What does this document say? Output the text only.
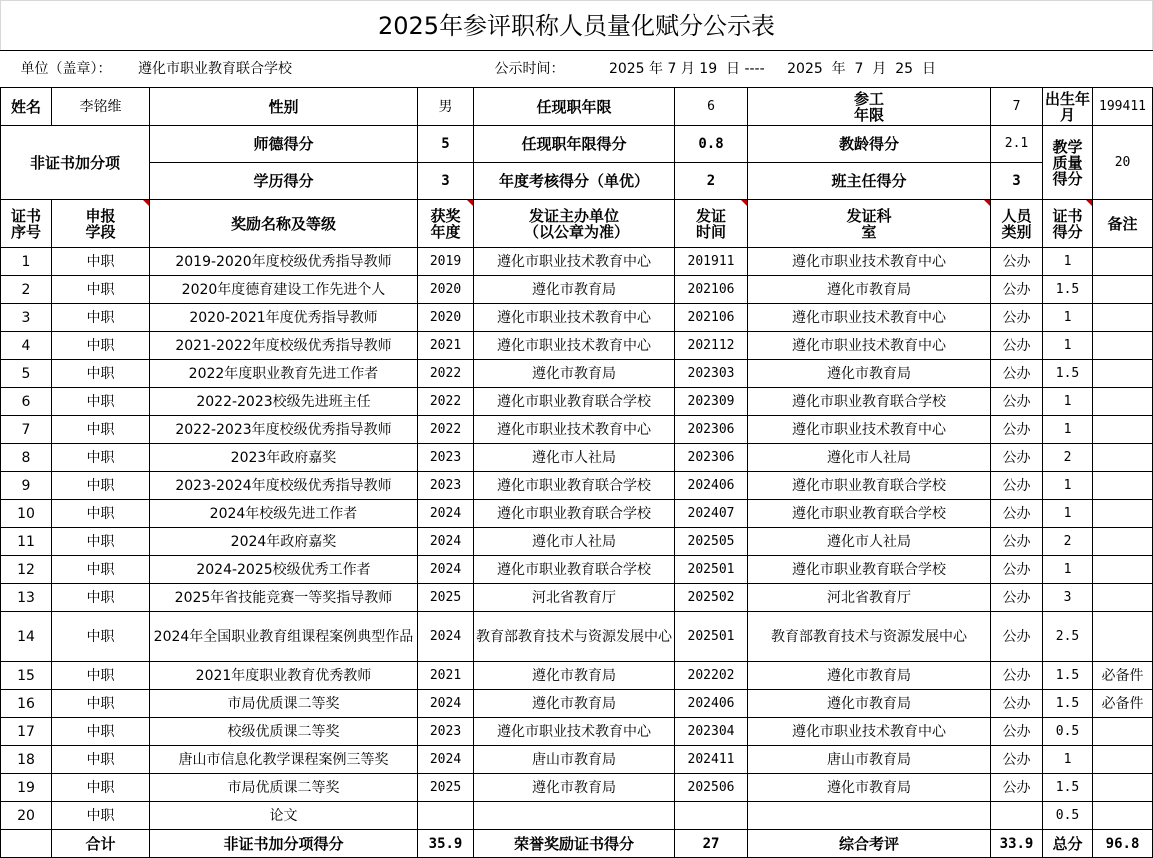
2025年参评职称人员量化赋分公示表									
单位（盖章）： 遵化市职业教育联合学校					公示时间： 2025 年 7 月 19  日 ---- 2025  年  7  月  25  日				
姓名	李铭维	性别	男	任现职年限	6	参工年限	7	出生年月	199411
非证书加分项		师德得分	5	任现职年限得分	0.8	教龄得分	2.1	教学质量得分	20
		学历得分	3	年度考核得分（单优）	2	班主任得分	3		
证书序号	申报学段	奖励名称及等级	获奖年度	发证主办单位（以公章为准）	发证时间	发证科室	人员类别	证书得分	备注
1	中职	2019-2020年度校级优秀指导教师	2019	遵化市职业技术教育中心	201911	遵化市职业技术教育中心	公办	1	
2	中职	2020年度德育建设工作先进个人	2020	遵化市教育局	202106	遵化市教育局	公办	1.5	
3	中职	2020-2021年度优秀指导教师	2020	遵化市职业技术教育中心	202106	遵化市职业技术教育中心	公办	1	
4	中职	2021-2022年度校级优秀指导教师	2021	遵化市职业技术教育中心	202112	遵化市职业技术教育中心	公办	1	
5	中职	2022年度职业教育先进工作者	2022	遵化市教育局	202303	遵化市教育局	公办	1.5	
6	中职	2022-2023校级先进班主任	2022	遵化市职业教育联合学校	202309	遵化市职业教育联合学校	公办	1	
7	中职	2022-2023年度校级优秀指导教师	2022	遵化市职业技术教育中心	202306	遵化市职业技术教育中心	公办	1	
8	中职	2023年政府嘉奖	2023	遵化市人社局	202306	遵化市人社局	公办	2	
9	中职	2023-2024年度校级优秀指导教师	2023	遵化市职业教育联合学校	202406	遵化市职业教育联合学校	公办	1	
10	中职	2024年校级先进工作者	2024	遵化市职业教育联合学校	202407	遵化市职业教育联合学校	公办	1	
11	中职	2024年政府嘉奖	2024	遵化市人社局	202505	遵化市人社局	公办	2	
12	中职	2024-2025校级优秀工作者	2024	遵化市职业教育联合学校	202501	遵化市职业教育联合学校	公办	1	
13	中职	2025年省技能竞赛一等奖指导教师	2025	河北省教育厅	202502	河北省教育厅	公办	3	
14	中职	2024年全国职业教育组课程案例典型作品	2024	教育部教育技术与资源发展中心	202501	教育部教育技术与资源发展中心	公办	2.5	
15	中职	2021年度职业教育优秀教师	2021	遵化市教育局	202202	遵化市教育局	公办	1.5	必备件
16	中职	市局优质课二等奖	2024	遵化市教育局	202406	遵化市教育局	公办	1.5	必备件
17	中职	校级优质课二等奖	2023	遵化市职业技术教育中心	202304	遵化市职业技术教育中心	公办	0.5	
18	中职	唐山市信息化教学课程案例三等奖	2024	唐山市教育局	202411	唐山市教育局	公办	1	
19	中职	市局优质课二等奖	2025	遵化市教育局	202506	遵化市教育局	公办	1.5	
20	中职	论文						0.5	
	合计	非证书加分项得分	35.9	荣誉奖励证书得分	27	综合考评	33.9	总分	96.8
